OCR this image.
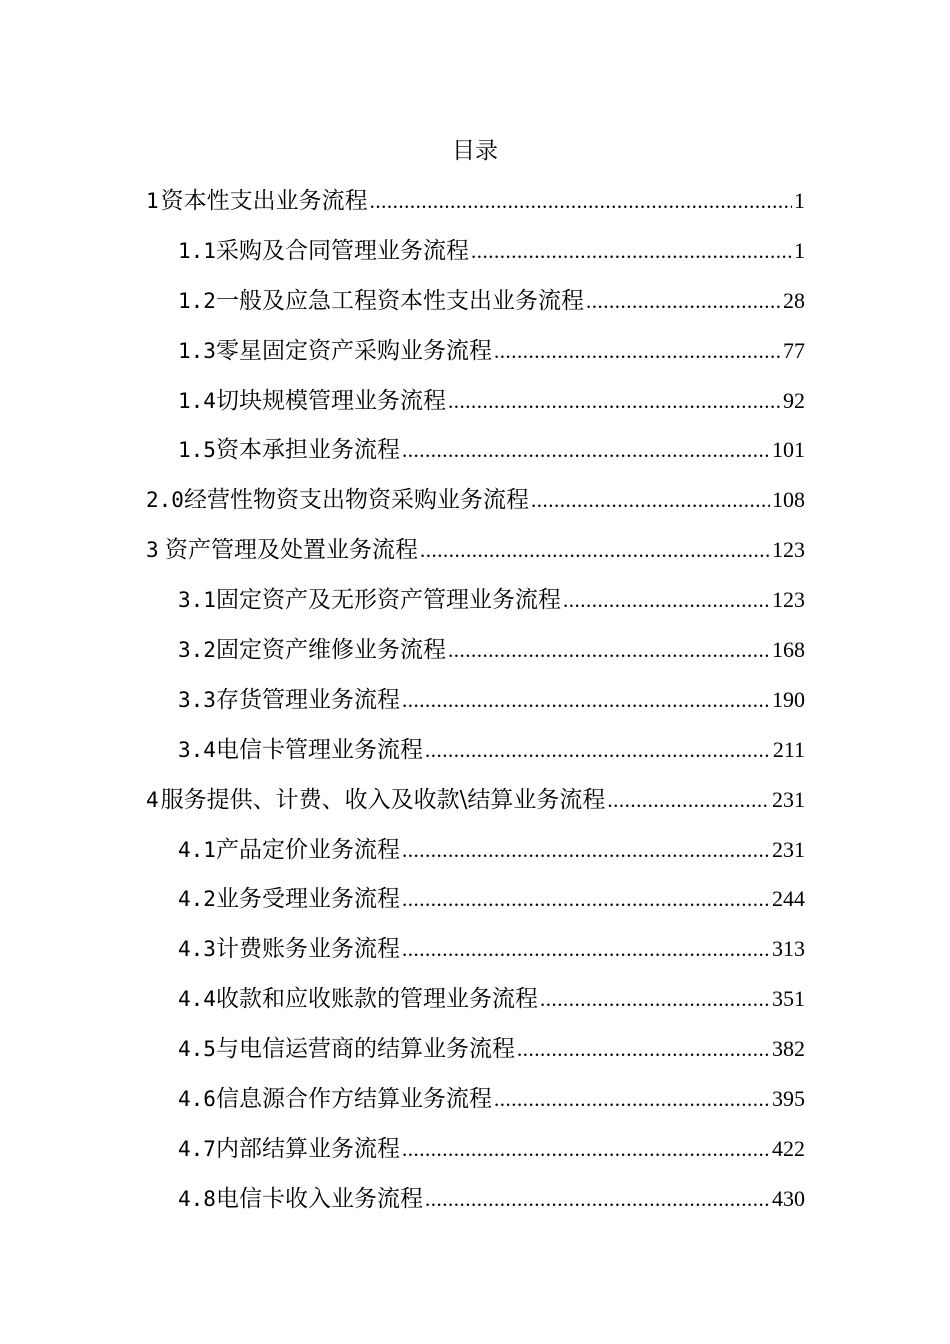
目录
1 资本性支出业务流程 .....	1
1.1 采购及合同管理业务流程 .....	1
1.2 一般及应急工程资本性支出业务流程 .....	28
1.3 零星固定资产采购业务流程 .....	77
1.4 切块规模管理业务流程 .....	92
1.5 资本承担业务流程 .....	101
2.0 经营性物资支出物资采购业务流程 .....	108
3 资产管理及处置业务流程 .....	123
3.1 固定资产及无形资产管理业务流程 .....	123
3.2 固定资产维修业务流程 .....	168
3.3 存货管理业务流程 .....	190
3.4 电信卡管理业务流程 .....	211
4 服务提供、计费、收入及收款\结算业务流程 .....	231
4.1 产品定价业务流程 .....	231
4.2 业务受理业务流程 .....	244
4.3 计费账务业务流程 .....	313
4.4 收款和应收账款的管理业务流程 .....	351
4.5 与电信运营商的结算业务流程 .....	382
4.6 信息源合作方结算业务流程 .....	395
4.7 内部结算业务流程 .....	422
4.8 电信卡收入业务流程 .....	430
